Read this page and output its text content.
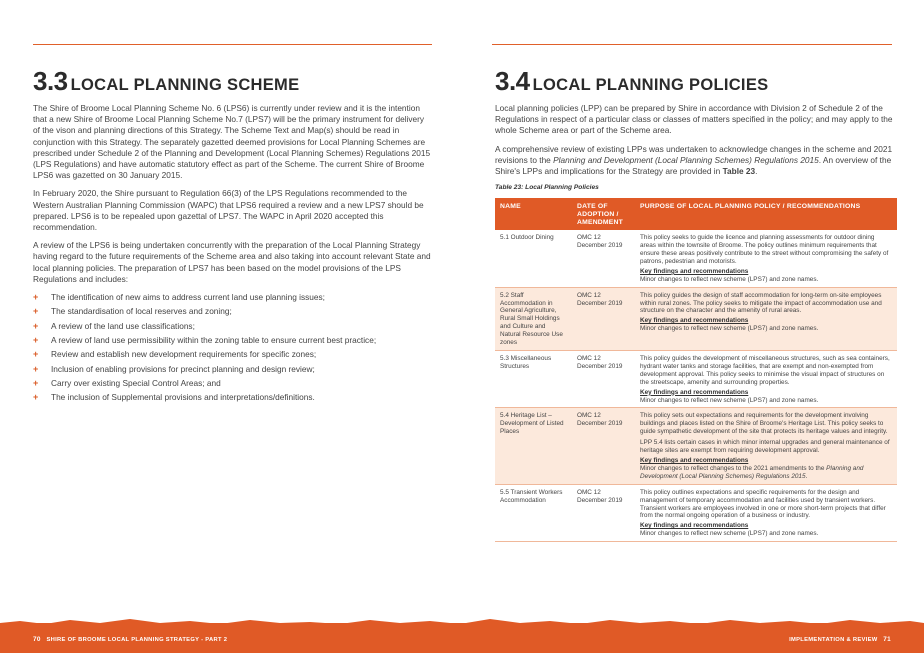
3.3 LOCAL PLANNING SCHEME

The Shire of Broome Local Planning Scheme No. 6 (LPS6) is currently under review and it is the intention that a new Shire of Broome Local Planning Scheme No.7 (LPS7) will be the primary instrument for delivery of the vison and planning directions of this Strategy. The Scheme Text and Map(s) should be read in conjunction with this Strategy. The separately gazetted deemed provisions for Local Planning Schemes are prescribed under Schedule 2 of the Planning and Development (Local Planning Schemes) Regulations 2015 (LPS Regulations) and have automatic statutory effect as part of the Scheme. The current Shire of Broome LPS6 was gazetted on 30 January 2015.

In February 2020, the Shire pursuant to Regulation 66(3) of the LPS Regulations recommended to the Western Australian Planning Commission (WAPC) that LPS6 required a review and a new LPS7 should be prepared. LPS6 is to be repealed upon gazettal of LPS7. The WAPC in April 2020 accepted this recommendation.

A review of the LPS6 is being undertaken concurrently with the preparation of the Local Planning Strategy having regard to the future requirements of the Scheme area and also taking into account relevant State and local planning policies. The preparation of LPS7 has been based on the model provisions of the LPS Regulations and includes:

+	The identification of new aims to address current land use planning issues;
+	The standardisation of local reserves and zoning;
+	A review of the land use classifications;
+	A review of land use permissibility within the zoning table to ensure current best practice;
+	Review and establish new development requirements for specific zones;
+	Inclusion of enabling provisions for precinct planning and design review;
+	Carry over existing Special Control Areas; and
+	The inclusion of Supplemental provisions and interpretations/definitions.
3.4 LOCAL PLANNING POLICIES

Local planning policies (LPP) can be prepared by Shire in accordance with Division 2 of Schedule 2 of the Regulations in respect of a particular class or classes of matters specified in the policy; and may apply to the whole Scheme area or part of the Scheme area.

A comprehensive review of existing LPPs was undertaken to acknowledge changes in the scheme and 2021 revisions to the Planning and Development (Local Planning Schemes) Regulations 2015. An overview of the Shire's LPPs and implications for the Strategy are provided in Table 23.

Table 23: Local Planning Policies
NAME	DATE OF ADOPTION / AMENDMENT	PURPOSE OF LOCAL PLANNING POLICY / RECOMMENDATIONS
5.1 Outdoor Dining	OMC 12 December 2019	This policy seeks to guide the licence and planning assessments for outdoor dining areas within the townsite of Broome. The policy outlines minimum requirements that ensure these areas positively contribute to the street without compromising the safety of patrons, pedestrian and motorists.
Key findings and recommendations
Minor changes to reflect new scheme (LPS7) and zone names.

5.2 Staff Accommodation in General Agriculture, Rural Small Holdings and Culture and Natural Resource Use zones	OMC 12 December 2019	This policy guides the design of staff accommodation for long-term on-site employees within rural zones. The policy seeks to mitigate the impact of accommodation use and structure on the character and the amenity of rural areas.
Key findings and recommendations
Minor changes to reflect new scheme (LPS7) and zone names.

5.3 Miscellaneous Structures	OMC 12 December 2019	This policy guides the development of miscellaneous structures, such as sea containers, hydrant water tanks and storage facilities, that are exempt and non-exempted from development approval. This policy seeks to minimise the visual impact of structures on the streetscape, amenity and surrounding properties.
Key findings and recommendations
Minor changes to reflect new scheme (LPS7) and zone names.

5.4 Heritage List – Development of Listed Places	OMC 12 December 2019	This policy sets out expectations and requirements for the development involving buildings and places listed on the Shire of Broome's Heritage List. This policy seeks to guide sympathetic development of the site that protects its heritage values and integrity.
LPP 5.4 lists certain cases in which minor internal upgrades and general maintenance of heritage sites are exempt from requiring development approval.
Key findings and recommendations
Minor changes to reflect changes to the 2021 amendments to the Planning and Development (Local Planning Schemes) Regulations 2015.

5.5 Transient Workers Accommodation	OMC 12 December 2019	This policy outlines expectations and specific requirements for the design and management of temporary accommodation and facilities used by transient workers. Transient workers are employees involved in one or more short-term projects that differ from the normal ongoing operation of a business or industry.
Key findings and recommendations
Minor changes to reflect new scheme (LPS7) and zone names.
70 SHIRE OF BROOME LOCAL PLANNING STRATEGY - PART 2	IMPLEMENTATION & REVIEW 71
